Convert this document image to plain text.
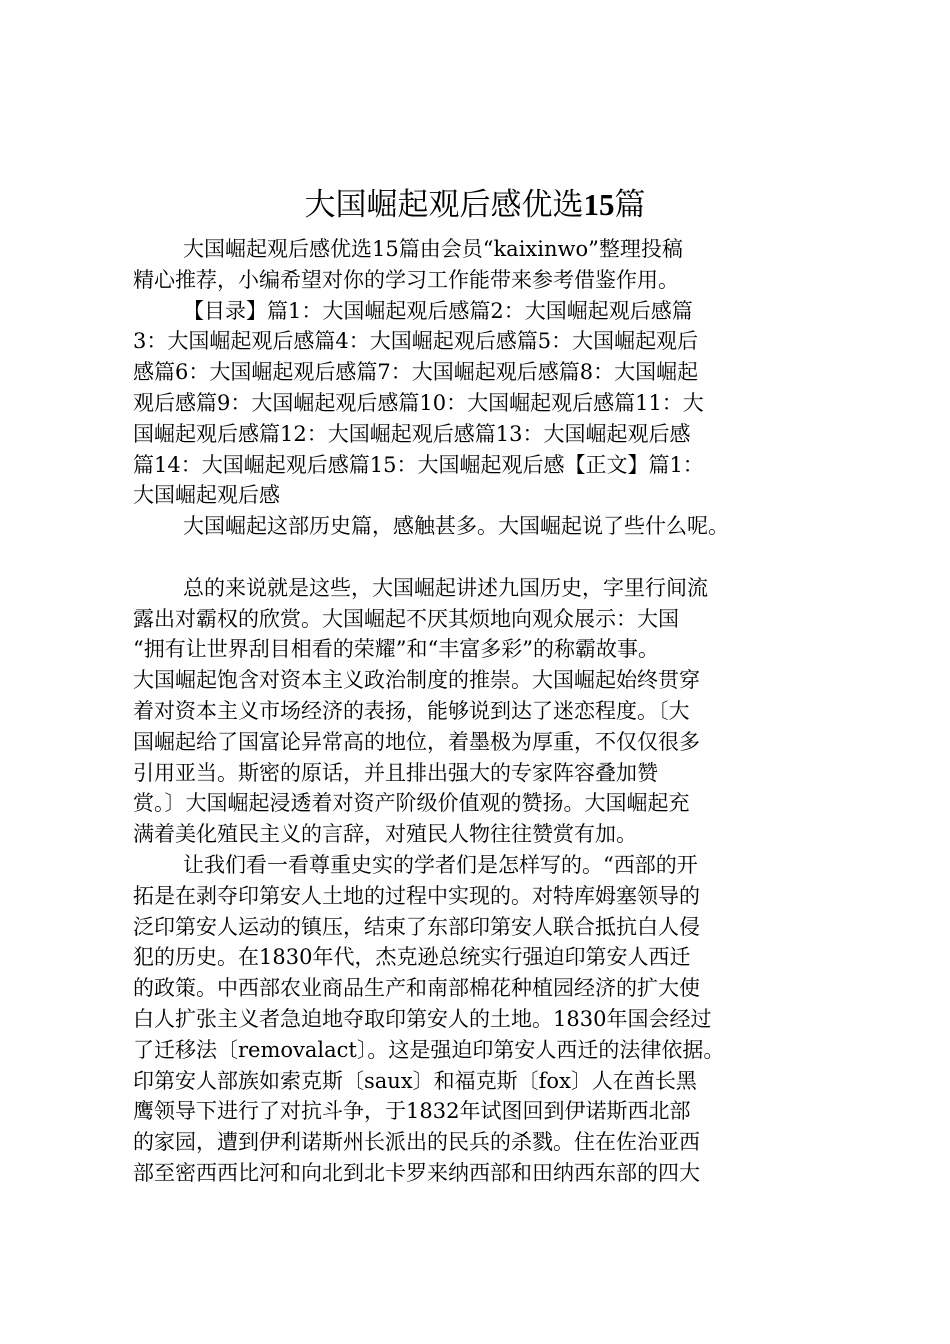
大国崛起观后感优选15篇
大国崛起观后感优选15篇由会员“kaixinwo”整理投稿
精心推荐，小编希望对你的学习工作能带来参考借鉴作用。
【目录】篇1：大国崛起观后感篇2：大国崛起观后感篇
3：大国崛起观后感篇4：大国崛起观后感篇5：大国崛起观后
感篇6：大国崛起观后感篇7：大国崛起观后感篇8：大国崛起
观后感篇9：大国崛起观后感篇10：大国崛起观后感篇11：大
国崛起观后感篇12：大国崛起观后感篇13：大国崛起观后感
篇14：大国崛起观后感篇15：大国崛起观后感【正文】篇1：
大国崛起观后感
大国崛起这部历史篇，感触甚多。大国崛起说了些什么呢。
总的来说就是这些，大国崛起讲述九国历史，字里行间流
露出对霸权的欣赏。大国崛起不厌其烦地向观众展示：大国
“拥有让世界刮目相看的荣耀”和“丰富多彩”的称霸故事。
大国崛起饱含对资本主义政治制度的推崇。大国崛起始终贯穿
着对资本主义市场经济的表扬，能够说到达了迷恋程度。〔大
国崛起给了国富论异常高的地位，着墨极为厚重，不仅仅很多
引用亚当。斯密的原话，并且排出强大的专家阵容叠加赞
赏。〕大国崛起浸透着对资产阶级价值观的赞扬。大国崛起充
满着美化殖民主义的言辞，对殖民人物往往赞赏有加。
让我们看一看尊重史实的学者们是怎样写的。“西部的开
拓是在剥夺印第安人土地的过程中实现的。对特库姆塞领导的
泛印第安人运动的镇压，结束了东部印第安人联合抵抗白人侵
犯的历史。在1830年代，杰克逊总统实行强迫印第安人西迁
的政策。中西部农业商品生产和南部棉花种植园经济的扩大使
白人扩张主义者急迫地夺取印第安人的土地。1830年国会经过
了迁移法〔removalact〕。这是强迫印第安人西迁的法律依据。
印第安人部族如索克斯〔saux〕和福克斯〔fox〕人在酋长黑
鹰领导下进行了对抗斗争，于1832年试图回到伊诺斯西北部
的家园，遭到伊利诺斯州长派出的民兵的杀戮。住在佐治亚西
部至密西西比河和向北到北卡罗来纳西部和田纳西东部的四大
